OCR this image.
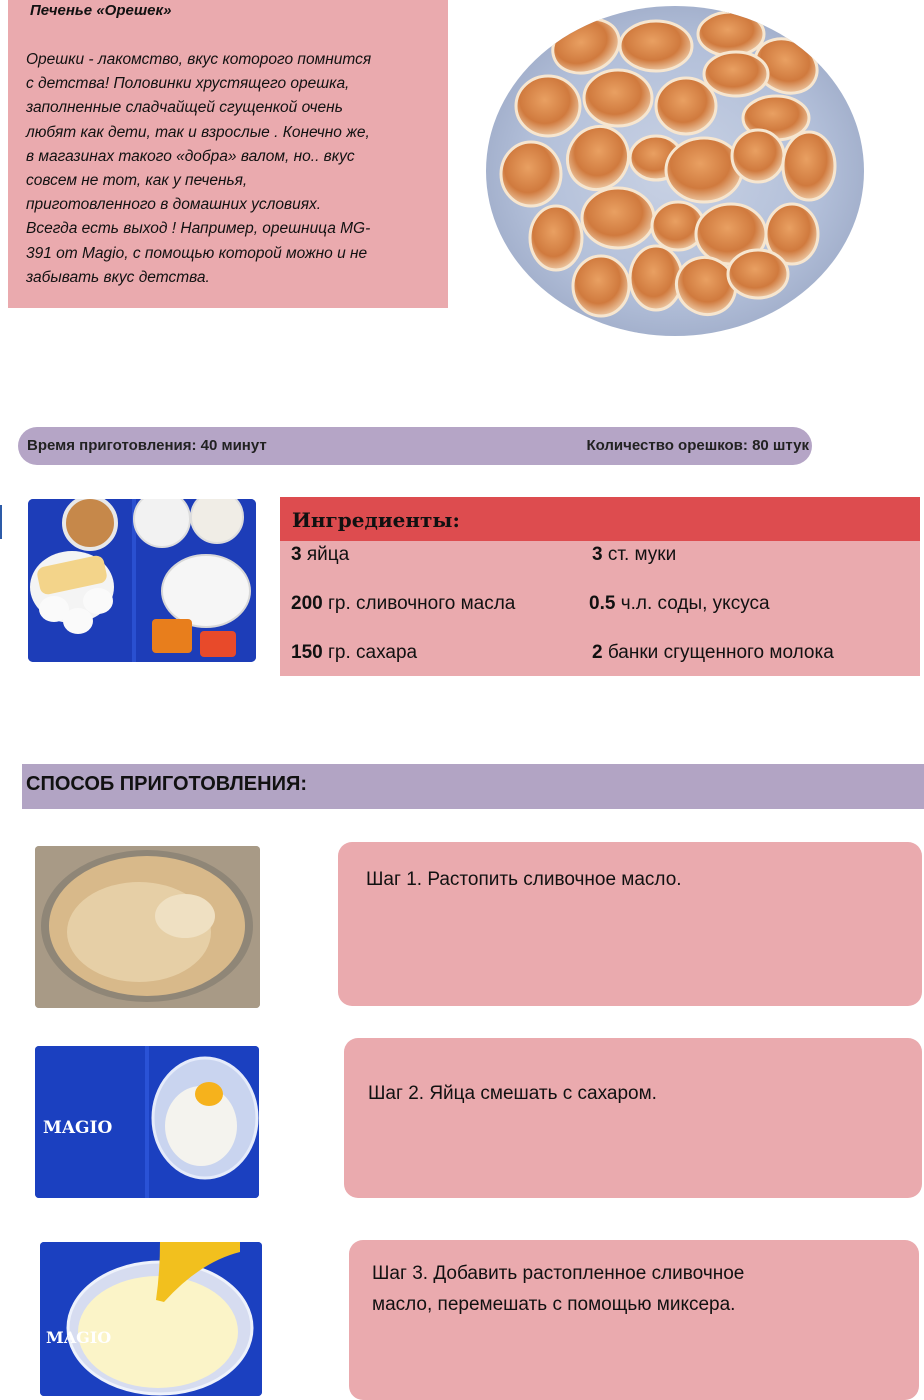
Печенье «Орешек»
Орешки - лакомство, вкус которого помнится
с детства! Половинки хрустящего орешка,
заполненные сладчайщей сгущенкой очень
любят как дети, так и взрослые . Конечно же,
в магазинах такого «добра» валом, но.. вкус
совсем не тот, как у печенья,
приготовленного в домашних условиях.
Всегда есть выход ! Например, орешница MG-
391 от Magio, с помощью которой можно и не
забывать вкус детства.
Время приготовления: 40 минут	Количество орешков: 80 штук
Ингредиенты:
3 яйца	3 ст. муки
200 гр. сливочного масла	0.5 ч.л. соды, уксуса
150 гр. сахара	2 банки сгущенного молока
СПОСОБ ПРИГОТОВЛЕНИЯ:
Шаг 1. Растопить сливочное масло.
MAGIO
Шаг 2. Яйца смешать с сахаром.
MAGIO
Шаг 3. Добавить растопленное сливочное
масло, перемешать с помощью миксера.
